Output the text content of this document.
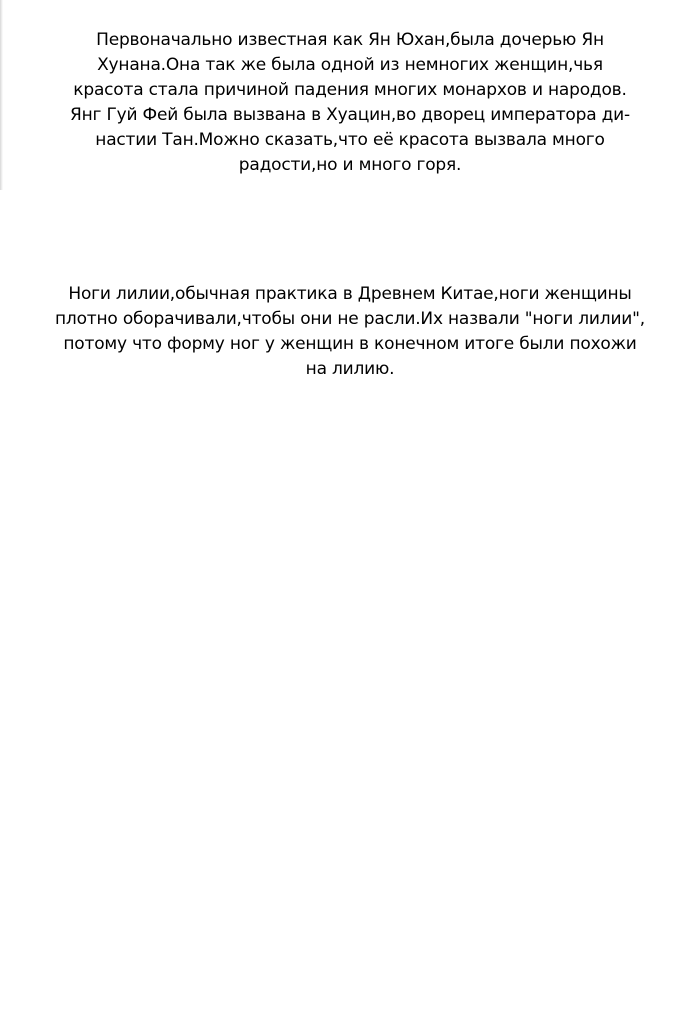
Первоначально известная как Ян Юхан,была дочерью Ян
Хунана.Она так же была одной из немногих женщин,чья
красота стала причиной падения многих монархов и народов.
Янг Гуй Фей была вызвана в Хуацин,во дворец императора ди-
настии Тан.Можно сказать,что её красота вызвала много
радости,но и много горя.
Ноги лилии,обычная практика в Древнем Китае,ноги женщины
плотно оборачивали,чтобы они не расли.Их назвали "ноги лилии",
потому что форму ног у женщин в конечном итоге были похожи
на лилию.
